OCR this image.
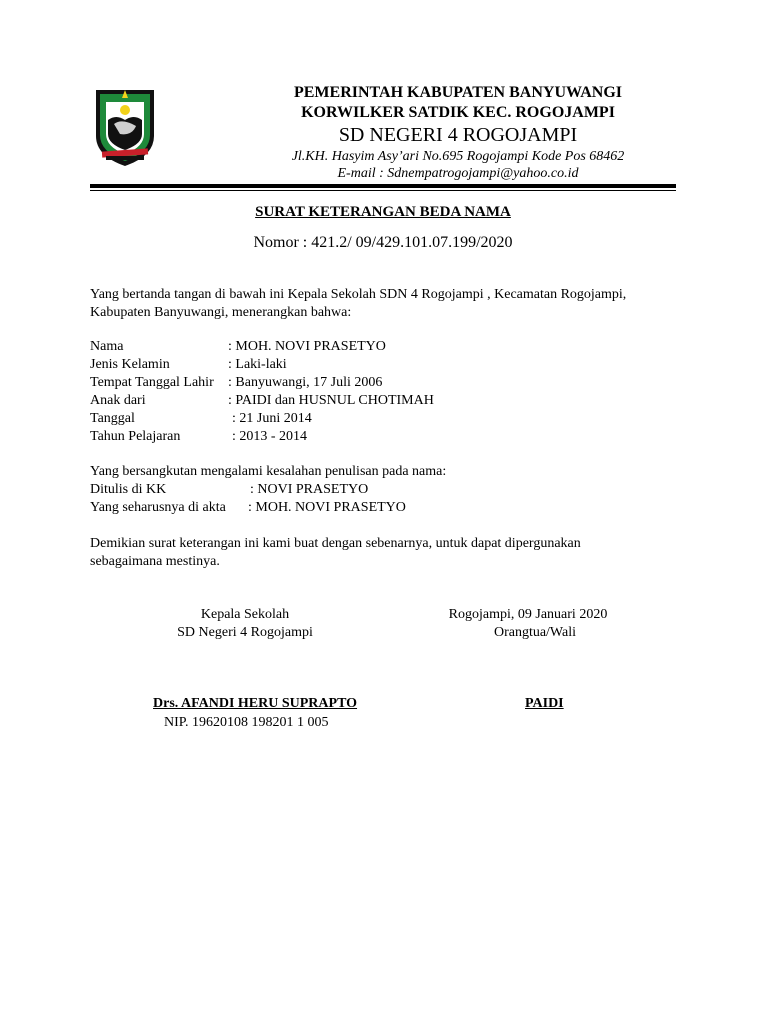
PEMERINTAH KABUPATEN BANYUWANGI
KORWILKER SATDIK KEC. ROGOJAMPI
SD NEGERI 4 ROGOJAMPI
Jl.KH. Hasyim Asy’ari No.695 Rogojampi Kode Pos 68462
E-mail : Sdnempatrogojampi@yahoo.co.id
SURAT KETERANGAN BEDA NAMA
Nomor : 421.2/ 09/429.101.07.199/2020
Yang bertanda tangan di bawah ini Kepala Sekolah SDN 4 Rogojampi , Kecamatan Rogojampi,
Kabupaten Banyuwangi, menerangkan bahwa:
Nama	: MOH. NOVI PRASETYO
Jenis Kelamin	: Laki-laki
Tempat Tanggal Lahir : Banyuwangi, 17 Juli 2006
Anak dari	: PAIDI dan HUSNUL CHOTIMAH
Tanggal	: 21 Juni 2014
Tahun Pelajaran	: 2013 - 2014
Yang bersangkutan mengalami kesalahan penulisan pada nama:
Ditulis di KK	: NOVI PRASETYO
Yang seharusnya di akta : MOH. NOVI PRASETYO
Demikian surat keterangan ini kami buat dengan sebenarnya, untuk dapat dipergunakan
sebagaimana mestinya.
Kepala Sekolah
SD Negeri 4 Rogojampi
Drs. AFANDI HERU SUPRAPTO
NIP. 19620108 198201 1 005
Rogojampi, 09 Januari 2020
Orangtua/Wali
PAIDI
